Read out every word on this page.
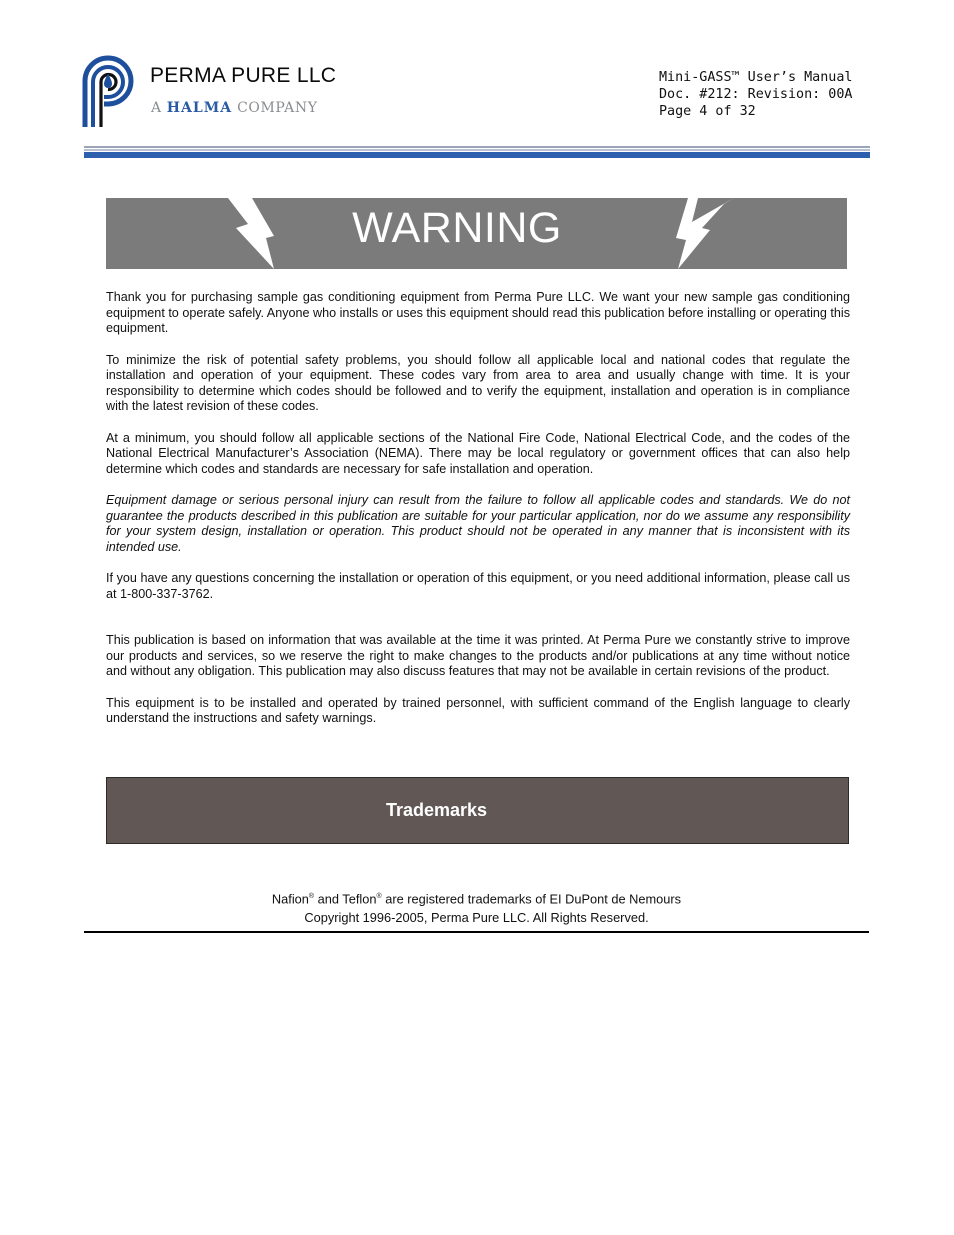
PERMA PURE LLC
A HALMA COMPANY
Mini-GASS™ User’s Manual
Doc. #212: Revision: 00A
Page 4 of 32
WARNING

Thank you for purchasing sample gas conditioning equipment from Perma Pure LLC. We want your new sample gas conditioning equipment to operate safely. Anyone who installs or uses this equipment should read this publication before installing or operating this equipment.

To minimize the risk of potential safety problems, you should follow all applicable local and national codes that regulate the installation and operation of your equipment. These codes vary from area to area and usually change with time. It is your responsibility to determine which codes should be followed and to verify the equipment, installation and operation is in compliance with the latest revision of these codes.

At a minimum, you should follow all applicable sections of the National Fire Code, National Electrical Code, and the codes of the National Electrical Manufacturer’s Association (NEMA). There may be local regulatory or government offices that can also help determine which codes and standards are necessary for safe installation and operation.

Equipment damage or serious personal injury can result from the failure to follow all applicable codes and standards. We do not guarantee the products described in this publication are suitable for your particular application, nor do we assume any responsibility for your system design, installation or operation. This product should not be operated in any manner that is inconsistent with its intended use.

If you have any questions concerning the installation or operation of this equipment, or you need additional information, please call us at 1-800-337-3762.

This publication is based on information that was available at the time it was printed. At Perma Pure we constantly strive to improve our products and services, so we reserve the right to make changes to the products and/or publications at any time without notice and without any obligation. This publication may also discuss features that may not be available in certain revisions of the product.

This equipment is to be installed and operated by trained personnel, with sufficient command of the English language to clearly understand the instructions and safety warnings.

Trademarks
Nafion® and Teflon® are registered trademarks of EI DuPont de Nemours
Copyright 1996-2005, Perma Pure LLC. All Rights Reserved.
